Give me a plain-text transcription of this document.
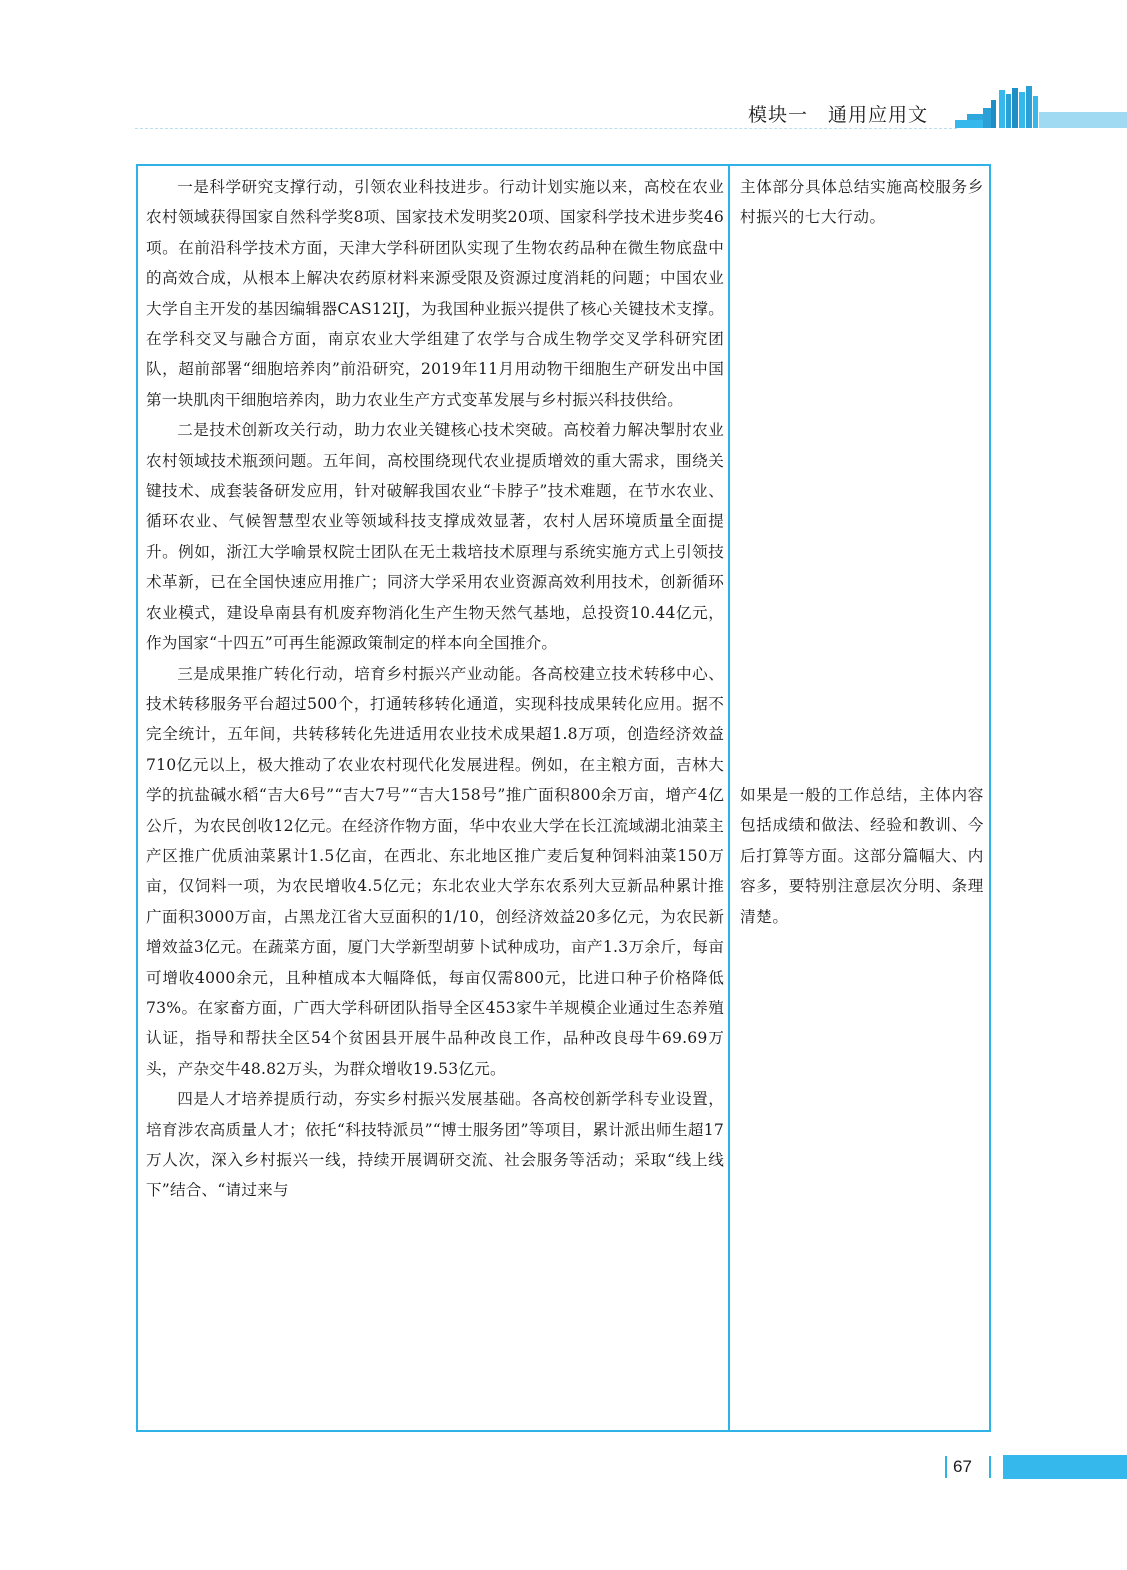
模块一　通用应用文

一是科学研究支撑行动，引领农业科技进步。行动计划实施以来，高校在农业农村领域获得国家自然科学奖8项、国家技术发明奖20项、国家科学技术进步奖46项。在前沿科学技术方面，天津大学科研团队实现了生物农药品种在微生物底盘中的高效合成，从根本上解决农药原材料来源受限及资源过度消耗的问题；中国农业大学自主开发的基因编辑器CAS12IJ，为我国种业振兴提供了核心关键技术支撑。在学科交叉与融合方面，南京农业大学组建了农学与合成生物学交叉学科研究团队，超前部署“细胞培养肉”前沿研究，2019年11月用动物干细胞生产研发出中国第一块肌肉干细胞培养肉，助力农业生产方式变革发展与乡村振兴科技供给。

二是技术创新攻关行动，助力农业关键核心技术突破。高校着力解决掣肘农业农村领域技术瓶颈问题。五年间，高校围绕现代农业提质增效的重大需求，围绕关键技术、成套装备研发应用，针对破解我国农业“卡脖子”技术难题，在节水农业、循环农业、气候智慧型农业等领域科技支撑成效显著，农村人居环境质量全面提升。例如，浙江大学喻景权院士团队在无土栽培技术原理与系统实施方式上引领技术革新，已在全国快速应用推广；同济大学采用农业资源高效利用技术，创新循环农业模式，建设阜南县有机废弃物消化生产生物天然气基地，总投资10.44亿元，作为国家“十四五”可再生能源政策制定的样本向全国推介。

三是成果推广转化行动，培育乡村振兴产业动能。各高校建立技术转移中心、技术转移服务平台超过500个，打通转移转化通道，实现科技成果转化应用。据不完全统计，五年间，共转移转化先进适用农业技术成果超1.8万项，创造经济效益710亿元以上，极大推动了农业农村现代化发展进程。例如，在主粮方面，吉林大学的抗盐碱水稻“吉大6号”“吉大7号”“吉大158号”推广面积800余万亩，增产4亿公斤，为农民创收12亿元。在经济作物方面，华中农业大学在长江流域湖北油菜主产区推广优质油菜累计1.5亿亩，在西北、东北地区推广麦后复种饲料油菜150万亩，仅饲料一项，为农民增收4.5亿元；东北农业大学东农系列大豆新品种累计推广面积3000万亩，占黑龙江省大豆面积的1/10，创经济效益20多亿元，为农民新增效益3亿元。在蔬菜方面，厦门大学新型胡萝卜试种成功，亩产1.3万余斤，每亩可增收4000余元，且种植成本大幅降低，每亩仅需800元，比进口种子价格降低73%。在家畜方面，广西大学科研团队指导全区453家牛羊规模企业通过生态养殖认证，指导和帮扶全区54个贫困县开展牛品种改良工作，品种改良母牛69.69万头，产杂交牛48.82万头，为群众增收19.53亿元。

四是人才培养提质行动，夯实乡村振兴发展基础。各高校创新学科专业设置，培育涉农高质量人才；依托“科技特派员”“博士服务团”等项目，累计派出师生超17万人次，深入乡村振兴一线，持续开展调研交流、社会服务等活动；采取“线上线下”结合、“请过来与

主体部分具体总结实施高校服务乡村振兴的七大行动。
如果是一般的工作总结，主体内容包括成绩和做法、经验和教训、今后打算等方面。这部分篇幅大、内容多，要特别注意层次分明、条理清楚。
67
